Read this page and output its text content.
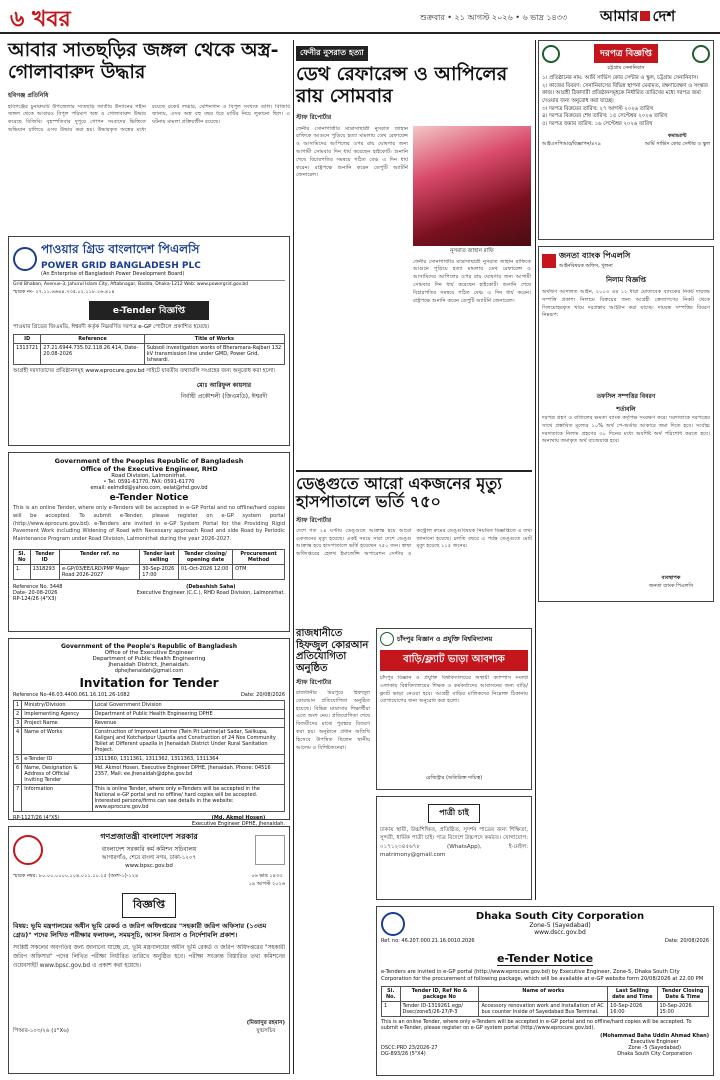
৬ খবর	শুক্রবার • ২১ আগস্ট ২০২৬ • ৬ ভাদ্র ১৪৩৩ আমার দেশ
আবার সাতছড়ির জঙ্গল থেকে অস্ত্র-গোলাবারুদ উদ্ধার
হবিগঞ্জ প্রতিনিধি
হবিগঞ্জের চুনারুঘাট উপজেলার সাতছড়ি জাতীয় উদ্যানের গহীন জঙ্গল থেকে আবারও বিপুল পরিমাণ অস্ত্র ও গোলাবারুদ উদ্ধার করেছে বিজিবি। বৃহস্পতিবার দুপুরে গোপন সংবাদের ভিত্তিতে অভিযান চালিয়ে এসব উদ্ধার করা হয়। উদ্ধারকৃত অস্ত্রের মধ্যে রয়েছে রকেট লঞ্চার, মেশিনগান ও বিপুল সংখ্যক গুলি। বিজিবি জানায়, এসব অস্ত্র বহু বছর ধরে মাটির নিচে লুকানো ছিল। এ ঘটনায় মামলা প্রক্রিয়াধীন রয়েছে।
পাওয়ার গ্রিড বাংলাদেশ পিএলসি
POWER GRID BANGLADESH PLC
(An Enterprise of Bangladesh Power Development Board)
Grid Bhaban, Avenue-3, Jahurul Islam City, Aftabnagar, Badda, Dhaka-1212 Web: www.powergrid.gov.bd
স্মারক নং- ২৭.১১.৬৬৪৪.৭৩৫.০২.১১৮.২৬.৪১৪
e-Tender বিজ্ঞপ্তি
পাওয়ার গ্রিডের জিএমডি, ঈশ্বরদী কর্তৃক নিম্নবর্ণিত দরপত্র e-GP পোর্টালে প্রকাশিত হয়েছে।
ID	Reference	Title of Works
1313721	27.21.6944.735.02.118.26.414, Date-20.08-2026	Subsoil investigation works of Bheramara-Rajbari 132 kV transmission line under GMD, Power Grid, Ishwardi.
আগ্রহী দরদাতাদের প্রতিষ্ঠানসমূহ www.eprocure.gov.bd সাইটে যাবতীয় তথ্যাবলি সংগ্রহের জন্য অনুরোধ করা হলো।
মোঃ আরিফুল কায়সার
নির্বাহী প্রকৌশলী (জিএমডি), ঈশ্বরদী
Government of the Peoples Republic of Bangladesh
Office of the Executive Engineer, RHD
Road Division, Lalmonirhat.
• Tel. 0591-61770, FAX: 0591-61770
email: eelmdld@yahoo.com, eelat@rhd.gov.bd
e-Tender Notice
This is an online Tender, where only e-Tenders will be accepted in e-GP Portal and no offline/hard copies will be accepted. To submit e-Tender, please register on e-GP system portal (http://www.eprocure.gov.bd). e-Tenders are invited in e-GP System Portal for the Providing Rigid Pavement Work including Widening of Road with Necessary approach Road and side Road by Periodic Maintenance Program under Road Division, Lalmonirhat during the year 2026-2027.
Sl. No	Tender ID	Tender ref. no	Tender last selling	Tender closing/ opening date	Procurement Method
1.	1318293	e-GP/03/EE/LRD/PMP Major Road 2026-2027	30-Sep-2026 17:00	01-Oct-2026 12:00	OTM
Reference No. 3448
Date- 20-08-2026
RP-124/26 (4"X3)
(Debashish Saha)
Executive Engineer (C.C.), RHD Road Division, Lalmonirhat.
Government of the People's Republic of Bangladesh
Office of the Executive Engineer
Department of Public Health Engineering
Jhenaidah District, Jhenaidah.
dphejhenaidah@gmail.com
Invitation for Tender
Reference No-46.03.4400.061.16.101.26-1082	Date: 20/08/2026
1	Ministry/Division	Local Government Division
2	Implementing Agency	Department of Public Health Engineering DPHE
3	Project Name	Revenue
4	Name of Works	Construction of Improved Latrine (Twin Pit Latrine)at Sadar, Sailkupa, Kaliganj and Kotchadpur Upazila and Construction of 24 Nos Community Toilet at Different upazila in Jhenaidah District Under Rural Sanitation Project.
5	e-Tender ID	1311360, 1311361, 1311362, 1311363, 1311364
6	Name, Designation & Address of Official Inviting Tender	Md. Akmol Hosen, Executive Engineer DPHE, Jhenaidah. Phone: 04516 2357, Mail: ee.jhenaidah@dphe.gov.bd
7	Information	This is online Tender, where only e-Tenders will be accepted in the National e-GP portal and no offline/ hard copies will be accepted. Interested persons/firms can see details in the website: www.eprocure.gov.bd
RP-1127/26 (4"X5)	(Md. Akmol Hosen)
Executive Engineer DPHE, Jhenaidah.
গণপ্রজাতন্ত্রী বাংলাদেশ সরকার
বাংলাদেশ সরকারি কর্ম কমিশন সচিবালয়
আগারগাঁও, শেরে বাংলা নগর, ঢাকা-১২০৭
www.bpsc.gov.bd
স্মারক নম্বর: ৮০.০০.০০০০.১০৪.০১১.১০.২৫ (অংশ-১)-১২৪	০৬ ভাদ্র ১৪৩৩
১৯ আগস্ট ২০২৬
বিজ্ঞপ্তি
বিষয়: ভূমি মন্ত্রণালয়ের অধীন ভূমি রেকর্ড ও জরিপ অধিদপ্তরের "সহকারী জরিপ অফিসার (১৩তম গ্রেড)" পদের লিখিত পরীক্ষার ফলাফল, সময়সূচি, আসন বিন্যাস ও নির্দেশাবলি প্রকাশ।
সংশ্লিষ্ট সকলের অবগতির জন্য জানানো যাচ্ছে যে, ভূমি মন্ত্রণালয়ের অধীন ভূমি রেকর্ড ও জরিপ অধিদপ্তরের "সহকারী জরিপ অফিসার" পদের লিখিত পরীক্ষা নির্ধারিত তারিখে অনুষ্ঠিত হবে। পরীক্ষা সংক্রান্ত বিস্তারিত তথ্য কমিশনের ওয়েবসাইট www.bpsc.gov.bd এ প্রকাশ করা হয়েছে।
পিআর-১০৩/২৬ (৫"X৬)
(মিজানুর রহমান)
যুগ্মসচিব
ফেনীর নুসরাত হত্যা
ডেথ রেফারেন্স ও আপিলের রায় সোমবার
স্টাফ রিপোর্টার
ফেনীর সোনাগাজীর মাদ্রাসাছাত্রী নুসরাত জাহান রাফিকে আগুনে পুড়িয়ে হত্যা মামলায় ডেথ রেফারেন্স ও আসামিদের আপিলের ওপর রায় ঘোষণার জন্য আগামী সোমবার দিন ধার্য করেছেন হাইকোর্ট। শুনানি শেষে বিচারপতির সমন্বয়ে গঠিত বেঞ্চ এ দিন ধার্য করেন। রাষ্ট্রপক্ষে শুনানি করেন ডেপুটি অ্যাটর্নি জেনারেল।
নুসরাত জাহান রাফি
ফেনীর সোনাগাজীর মাদ্রাসাছাত্রী নুসরাত জাহান রাফিকে আগুনে পুড়িয়ে হত্যা মামলায় ডেথ রেফারেন্স ও আসামিদের আপিলের ওপর রায় ঘোষণার জন্য আগামী সোমবার দিন ধার্য করেছেন হাইকোর্ট। শুনানি শেষে বিচারপতির সমন্বয়ে গঠিত বেঞ্চ এ দিন ধার্য করেন। রাষ্ট্রপক্ষে শুনানি করেন ডেপুটি অ্যাটর্নি জেনারেল।
ডেঙ্গুতে আরো একজনের মৃত্যু হাসপাতালে ভর্তি ৭৫০
স্টাফ রিপোর্টার
দেশে গত ২৪ ঘণ্টায় ডেঙ্গুতে আক্রান্ত হয়ে আরো একজনের মৃত্যু হয়েছে। একই সময়ে সারা দেশে ডেঙ্গু আক্রান্ত হয়ে হাসপাতালে ভর্তি হয়েছেন ৭৫০ জন। স্বাস্থ্য অধিদপ্তরের হেলথ ইমার্জেন্সি অপারেশন সেন্টার ও কন্ট্রোল রুমের ডেঙ্গুবিষয়ক নিয়মিত বিজ্ঞপ্তিতে এ তথ্য জানানো হয়েছে। চলতি বছরে এ পর্যন্ত ডেঙ্গুতে মোট মৃত্যু হয়েছে ১১৫ জনের।
রাজধানীতে হিফজুল কোরআন প্রতিযোগিতা অনুষ্ঠিত
স্টাফ রিপোর্টার
রাজধানীর মিরপুরে হিফজুল কোরআন প্রতিযোগিতা অনুষ্ঠিত হয়েছে। বিভিন্ন মাদ্রাসার শিক্ষার্থীরা এতে অংশ নেয়। প্রতিযোগিতা শেষে বিজয়ীদের মাঝে পুরস্কার বিতরণ করা হয়। অনুষ্ঠানে প্রধান অতিথি হিসেবে উপস্থিত ছিলেন স্থানীয় আলেম ও বিশিষ্টজনেরা।
চাঁদপুর বিজ্ঞান ও প্রযুক্তি বিশ্ববিদ্যালয়
বাড়ি/ফ্ল্যাট ভাড়া আবশ্যক
চাঁদপুর বিজ্ঞান ও প্রযুক্তি বিশ্ববিদ্যালয়ের অস্থায়ী ক্যাম্পাস সংলগ্ন এলাকায় বিশ্ববিদ্যালয়ের শিক্ষক ও কর্মকর্তাদের আবাসনের জন্য বাড়ি/ফ্ল্যাট ভাড়া নেওয়া হবে। আগ্রহী বাড়ির মালিকদের নিম্নোক্ত ঠিকানায় যোগাযোগের জন্য অনুরোধ করা হলো।
রেজিস্ট্রার (অতিরিক্ত দায়িত্ব)
পাত্রী চাই
ঢাকায় স্থায়ী, উচ্চশিক্ষিত, প্রতিষ্ঠিত, সুদর্শন পাত্রের জন্য শিক্ষিতা, সুন্দরী, ধার্মিক পাত্রী চাই। পাত্র বিদেশে উচ্চপদে কর্মরত। যোগাযোগ: ০১৭১২৩৪৫৬৭৮ (WhatsApp), ই-মেইল: matrimony@gmail.com
দরপত্র বিজ্ঞপ্তি
চট্টগ্রাম সেনানিবাস
১। প্রতিষ্ঠানের নাম: আর্মি সার্ভিস কোর সেন্টার ও স্কুল, চট্টগ্রাম সেনানিবাস।
২। কাজের বিবরণ: সেনানিবাসের বিভিন্ন স্থাপনা মেরামত, রক্ষণাবেক্ষণ ও সংস্কার কাজ। আগ্রহী ঠিকাদারী প্রতিষ্ঠানসমূহকে নির্ধারিত তারিখের মধ্যে দরপত্র জমা দেওয়ার জন্য অনুরোধ করা যাচ্ছে।
৩। দরপত্র বিক্রয়ের তারিখ: ২৭ আগস্ট ২০২৬ তারিখ
৪। দরপত্র বিক্রয়ের শেষ তারিখ: ১৫ সেপ্টেম্বর ২০২৬ তারিখ
৫। দরপত্র জমার তারিখ: ১৬ সেপ্টেম্বর ২০২৬ তারিখ
আইএসপিআর/বিজ্ঞাপন/৪৭৯
কমান্ড্যান্ট
আর্মি সার্ভিস কোর সেন্টার ও স্কুল
জনতা ব্যাংক পিএলসি
আইনবিষয়ক অফিস, খুলনা
নিলাম বিজ্ঞপ্তি
অর্থঋণ আদালত আইন, ২০০৩ এর ১২ ধারা মোতাবেক ব্যাংকের নিকট দায়বদ্ধ সম্পত্তি প্রকাশ্য নিলামে বিক্রয়ের জন্য আগ্রহী ক্রেতাগণের নিকট থেকে সিলমোহরকৃত খামে দরপ্রস্তাব আহ্বান করা যাচ্ছে। দায়বদ্ধ সম্পত্তির বিবরণ নিম্নরূপ:
তফসিল সম্পত্তির বিবরণ
শর্তাবলি
দরপত্র গ্রহণ ও বাতিলের ক্ষমতা ব্যাংক কর্তৃপক্ষ সংরক্ষণ করে। দরদাতাকে দরপত্রের সাথে প্রস্তাবিত মূল্যের ১০% অর্থ পে-অর্ডার আকারে জমা দিতে হবে। সর্বোচ্চ দরদাতাকে নিলাম গ্রহণের ৩০ দিনের মধ্যে অবশিষ্ট অর্থ পরিশোধ করতে হবে। অন্যথায় জমাকৃত অর্থ বাজেয়াপ্ত হবে।
ব্যবস্থাপক
জনতা ব্যাংক পিএলসি
Dhaka South City Corporation
Zone-5 (Sayedabad)
www.dscc.gov.bd
Ref. no: 46.207.000.21.16.0010.2026	Date: 20/08/2026
e-Tender Notice
e-Tenders are invited in e-GP portal (http://www.eprocure.gov.bd) by Executive Engineer, Zone-5, Dhaka South City Corporation for the procurement of following package, which will be available at e-GP website form 20/08/2026 at 22.00 PM
Sl. No.	Tender ID, Ref No & package No	Name of works	Last Selling date and Time	Tender Closing Date & Time
1	Tender ID-1319261 egp/ Dsec/zone5/26-27/P-3	Accessory renovation work and Installation of AC bus counter Inside of Sayedabad Bus Terminal.	10-Sep-2026 16:00	10-Sep-2026 15:00
This is an online Tender, where only e-Tenders will be accepted in e-GP portal and no offline/hard copies will be accepted. To submit e-Tender, please register on e-GP system portal (http://www.eprocure.gov.bd).
DSCC:PRD 23/2026-27
DG-893/26 (5"X4)
(Mohammad Baha Uddin Ahmad Khan)
Executive Engineer
Zone -5 (Sayedabad)
Dhaka South City Corporation
